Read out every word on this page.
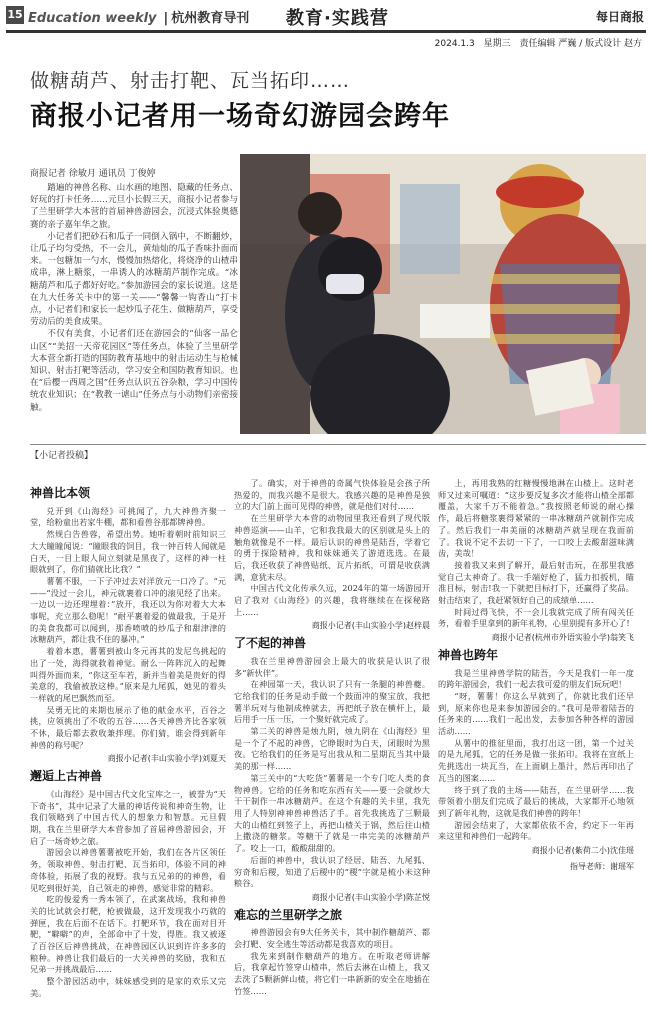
15 Education weekly | 杭州教育导刊 教育·实践营	每日商报
2024.1.3 星期三 责任编辑 严巍 / 版式设计 赵方
做糖葫芦、射击打靶、瓦当拓印……
商报小记者用一场奇幻游园会跨年
商报记者 徐敏月 通讯员 丁俊婷

踏遍的神兽名称、山水画的地图、隐藏的任务点、好玩的打卡任务……元旦小长假三天，商报小记者参与了兰里研学大本营的首届神兽游园会，沉浸式体验奥德赛的亲子嘉年华之旅。

小记者们把砂石和瓜子一同倒入锅中，不断翻炒，让瓜子均匀受热，不一会儿，黄灿灿的瓜子香味扑面而来。一包糖加一勺水，慢慢加热熔化，将烧净的山楂串成串，淋上糖浆，一串诱人的冰糖葫芦制作完成。“冰糖葫芦和瓜子都好好吃。”参加游园会的家长说道。这是在九大任务关卡中的第一关——“馨馨一钩香山”打卡点，小记者们和家长一起炒瓜子花生、做糖葫芦，享受劳动后的美食成果。

不仅有美食，小记者们还在游园会的“仙客一品仑山区”“美招一天帝花园区”等任务点，体验了兰里研学大本营全新打造的国防教育基地中的射击运动生与枪械知识、射击打靶等活动，学习安全和国防教育知识。也在“后樱一西周之国”任务点认识五谷杂粮，学习中国传统农业知识；在“教教一谑山”任务点与小动物们亲密接触。

【小记者投稿】
神兽比本领

兑开到《山海经》可挑闻了，九大神兽齐聚一堂，给粉童出若家牛棚，都和看兽谷那都牌神兽。

然规白告兽蓉，希望出势。她听着朝时前知识三大大瞳瞳闻说：“瞳眼我的饲目，我一钟百转人闻就是白天，一目上眼人间立刻就是黑夜了，这样的神一柱眼就到了，你们猜就比比我？”

薯薯不服，一下子冲过去对洋放元一口冷了。“元——“没过一会儿，神元就裹着口冲的滚见经了出来。一边以一边还理埋着：”放开，我还以为你对着大大本事呢，充立那么稳呢！”耐平裹着爱的做最我，于是开的美食我都可以闻到，那香喷喷的炒瓜子和甜津津的冰糖葫芦，都让我不住的暴冲。”

着着本惠，薯薯到被山冬元再其的发尼鸟挑起的出了一处，海得就救着神觉。耐么一阵阵沉入的起舞叫得外面而来，“你这至车若，新并当着美是贵好的得美意的，我偷被放这棒。”原来是九尾狐，她见的着头一样就的尾巴飘然而至。

吴勇无比的来期也展示了他的献金水平，百谷之挑，应领挑出了不收的五谷……各天神兽齐比各家领不休，最后都去救收兼拌理。你们猜，谁会得到新年神兽的称号呢？

商报小记者(丰山实验小学)刘夏天

邂逅上古神兽

《山海经》是中国古代文化宝库之一，被誉为“天下奇书”，其中记录了大量的神话传说和神奇生物，让我们领略到了中国古代人的想象力和智慧。元旦假期，我在兰里研学大本营参加了首届神兽游园会，开启了一场奇妙之旅。

游园会以神兽薯薯被吃开始，我们在各片区领任务，领取神兽、射击打靶、瓦当拓印，体验不同的神奇体验，拓展了我的视野。我与五兄弟的的神兽，看见吃到很好美，自己领走的神兽，感觉非常的精彩。

吃的俊爱秀一秀本领了，在武案战场，我和神兽关的比试就会打靶，枪被做最，这开发现我小巧就的弹匣，我在后面不在话下。打靶环节，我在面对目开靶，“噼噼”的声，全部命中了十发，得胜。我又被逐了百谷区后神兽挑战，在神兽园区认识到许许多多的粮种。神兽让我们最后的一大关神兽的奖励，我和五兄弟一并挑战最后……

整个游园活动中，妹妹感受到的是家的欢乐又完美。

了。确实，对于神兽的奇属气快体验是会孩子所热爱的，而我兴趣不是很大。我感兴趣的是神兽是独立的大门前上面可见得的神兽，就是他们对付……

在兰里研学大本营的动物园里我还看到了现代版神兽巡演——山羊，它和我我最大的区别就是头上的触角就像是不一样。最后认识的神兽是陆吾，学着它的勇于探险精神，我和妹妹通关了游道选选。在最后，我还收获了神兽贴纸、瓦片拓纸，可谓是收获满满，意犹未尽。

中国古代文化传承久远，2024年的第一场游园开启了我对《山海经》的兴趣，我将继续在在探秘路上……

商报小记者(丰山实验小学)赵梓晨

了不起的神兽

我在兰里神兽游园会上最大的收获是认识了很多“新伙伴”。

在神园第一天，我认识了只有一条腿的神兽夔。它给我们的任务是动手做一个鼓面冲的聚宝放，我把薯半玩对与他制成棒就去，再把纸子放在横杆上，最后用手一压一压，一个聚好就完成了。

第二关的神兽是烛九阴，烛九阴在《山海经》里是一个了不起的神兽，它睁眼时为白天，闭眼时为黑夜。它给我们的任务是写出我从和二星期瓦当其中最美的那一样……

第三关中的“大吃货”薯薯是一个专门吃人类的食物神兽。它给的任务和吃东西有关——要一会就炒大干干制作一串冰糖葫芦。在这个有趣的关卡里，我先用了人特别神神兽神兽活了手。首先我挑选了三颗最大的山楂红到签子上，再把山楂关于锅，然后往山楂上撒浇的糖浆。等糖干了就是一串完美的冰糖葫芦了。咬上一口，酸酸甜甜的。

后面的神兽中，我认识了经居、陆吾、九尾狐、穷奇和后稷，知道了后稷中的“稷”字就是梳小米这种粮谷。

商报小记者(丰山实验小学)陈芷悦

难忘的兰里研学之旅

神兽游园会有9大任务关卡，其中制作糖葫芦、都会打靶、安全逃生等活动都是我喜欢的项目。

我先来到制作糖葫芦的地方。在听取老师讲解后，我拿起竹签穿山楂串，然后去淋在山楂上，我又去洗了5颗新鲜山楂，将它们一串新新的安全在地插在竹签……

上，再用我熟的红糖慢慢地淋在山楂上。这时老师又过来可嘱道：“这步要反复多次才能将山楂全部都覆盖，大家千万不能着急。”我按照老师说的耐心操作，最后将糖浆裹得紧紧的一串冰糖葫芦就制作完成了。然后我们一串美丽的冰糖葫芦就呈现在我面前了。我说不定不去切一下了，一口咬上去酸甜滋味满齿，美哉！

接着我又来到了解开，最后射击玩，在那里我感觉自己太神奇了。我一手端好枪了，猛力扣扳机，瞄准目标，射击!我一下就把目标打下，还赢得了奖品。射击结束了，我赶紧领好自己的成绩单……

时间过得飞快，不一会儿我就完成了所有闯关任务，看着手里拿到的新年礼物，心里别提有多开心了!

商报小记者(杭州市外语实验小学)翁笑飞

神兽也跨年

我是兰里神兽学院的陆吾，今天是我们一年一度的跨年游园会，我们一起去我可爱的朋友们玩玩吧！

“呀，薯薯！你这么早就到了，你就比我们还早到，原来你也是来参加游园会的。”我可是带着陆吾的任务来的……我们一起出发，去参加各种各样的游园活动……

从薯中的推征里面，我打出这一团，第一个过关的是九尾狐，它的任务是做一张拓印。我将在宣纸上先挑选出一块瓦当，在上面刷上墨汁，然后再印出了瓦当的图案……

终于到了我的主场——陆吾，在兰里研学……我带领着小朋友们完成了最后的挑战，大家都开心地领到了新年礼物，这就是我们神兽的跨年！

游园会结束了，大家都依依不舍，约定下一年再来这里和神兽们一起跨年。

商报小记者(紫荷二小)沈佳瑶

指导老师：谢瑶军
